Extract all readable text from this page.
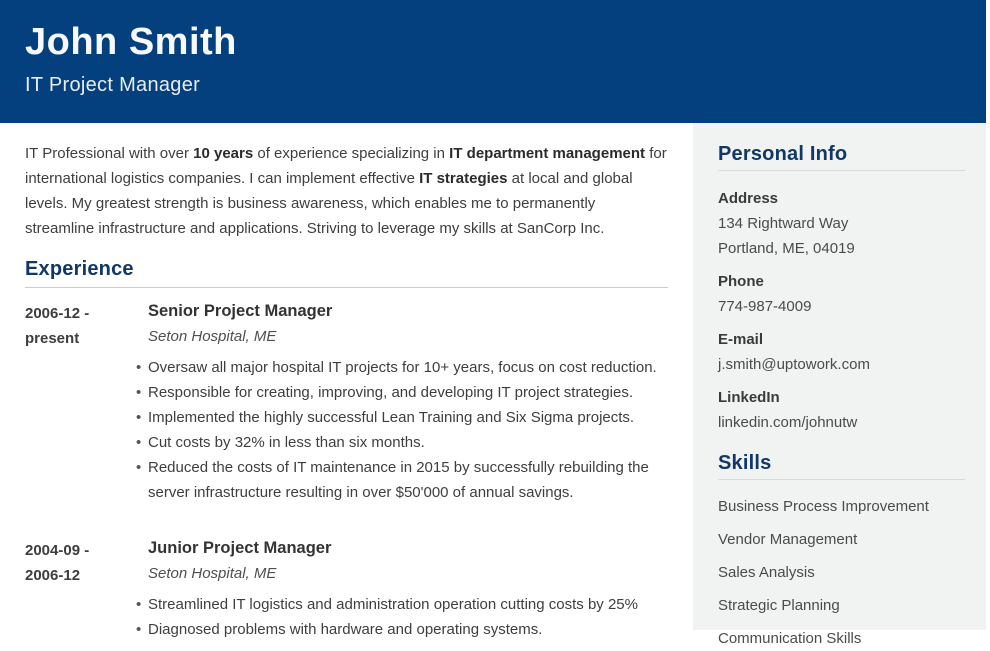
John Smith
IT Project Manager

IT Professional with over 10 years of experience specializing in IT department management for international logistics companies. I can implement effective IT strategies at local and global levels. My greatest strength is business awareness, which enables me to permanently streamline infrastructure and applications. Striving to leverage my skills at SanCorp Inc.

Experience
2006-12 -
present
Senior Project Manager
Seton Hospital, ME
• Oversaw all major hospital IT projects for 10+ years, focus on cost reduction.
• Responsible for creating, improving, and developing IT project strategies.
• Implemented the highly successful Lean Training and Six Sigma projects.
• Cut costs by 32% in less than six months.
• Reduced the costs of IT maintenance in 2015 by successfully rebuilding the server infrastructure resulting in over $50'000 of annual savings.
2004-09 -
2006-12
Junior Project Manager
Seton Hospital, ME
• Streamlined IT logistics and administration operation cutting costs by 25%
• Diagnosed problems with hardware and operating systems.
Personal Info
Address
134 Rightward Way
Portland, ME, 04019
Phone
774-987-4009
E-mail
j.smith@uptowork.com
LinkedIn
linkedin.com/johnutw
Skills
Business Process Improvement
Vendor Management
Sales Analysis
Strategic Planning
Communication Skills
